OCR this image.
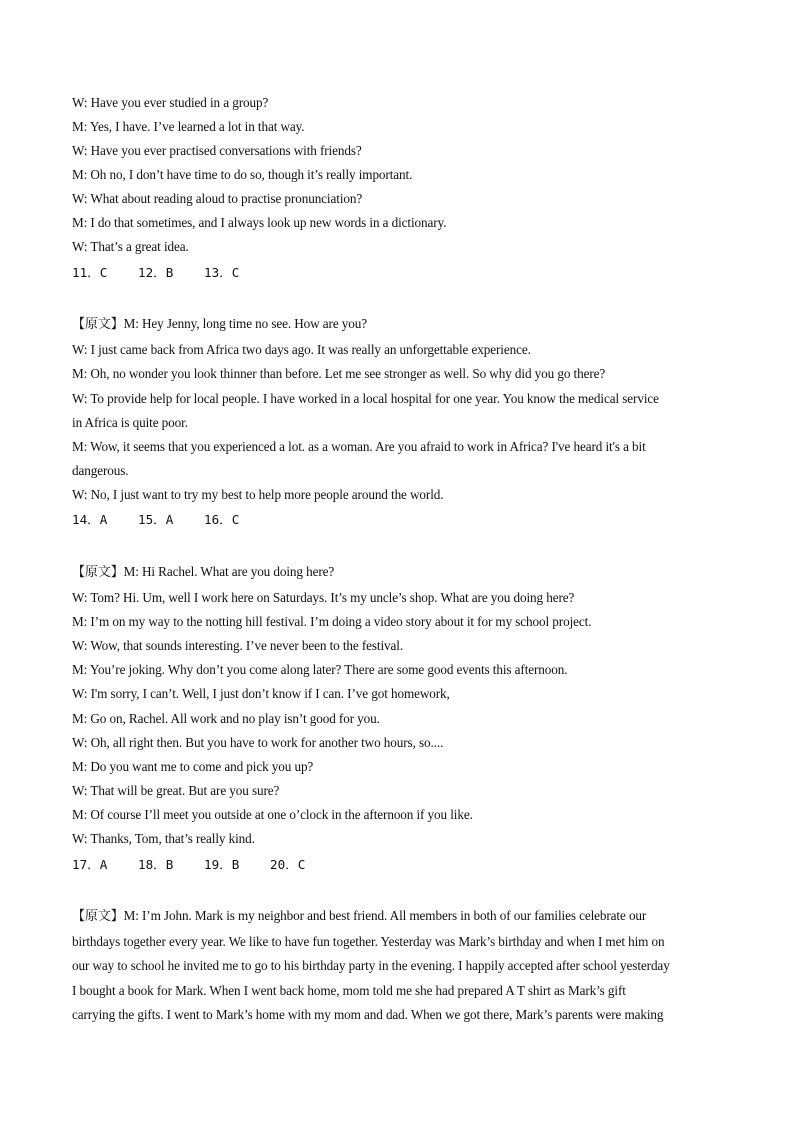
W: Have you ever studied in a group?
M: Yes, I have. I’ve learned a lot in that way.
W: Have you ever practised conversations with friends?
M: Oh no, I don’t have time to do so, though it’s really important.
W: What about reading aloud to practise pronunciation?
M: I do that sometimes, and I always look up new words in a dictionary.
W: That’s a great idea.
11．C 12．B 13．C
【原文】M: Hey Jenny, long time no see. How are you?
W: I just came back from Africa two days ago. It was really an unforgettable experience.
M: Oh, no wonder you look thinner than before. Let me see stronger as well. So why did you go there?
W: To provide help for local people. I have worked in a local hospital for one year. You know the medical service
in Africa is quite poor.
M: Wow, it seems that you experienced a lot. as a woman. Are you afraid to work in Africa? I've heard it's a bit
dangerous.
W: No, I just want to try my best to help more people around the world.
14．A 15．A 16．C
【原文】M: Hi Rachel. What are you doing here?
W: Tom? Hi. Um, well I work here on Saturdays. It’s my uncle’s shop. What are you doing here?
M: I’m on my way to the notting hill festival. I’m doing a video story about it for my school project.
W: Wow, that sounds interesting. I’ve never been to the festival.
M: You’re joking. Why don’t you come along later? There are some good events this afternoon.
W: I'm sorry, I can’t. Well, I just don’t know if I can. I’ve got homework,
M: Go on, Rachel. All work and no play isn’t good for you.
W: Oh, all right then. But you have to work for another two hours, so....
M: Do you want me to come and pick you up?
W: That will be great. But are you sure?
M: Of course I’ll meet you outside at one o’clock in the afternoon if you like.
W: Thanks, Tom, that’s really kind.
17．A 18．B 19．B 20．C
【原文】M: I’m John. Mark is my neighbor and best friend. All members in both of our families celebrate our
birthdays together every year. We like to have fun together. Yesterday was Mark’s birthday and when I met him on
our way to school he invited me to go to his birthday party in the evening. I happily accepted after school yesterday
I bought a book for Mark. When I went back home, mom told me she had prepared A T shirt as Mark’s gift
carrying the gifts. I went to Mark’s home with my mom and dad. When we got there, Mark’s parents were making
